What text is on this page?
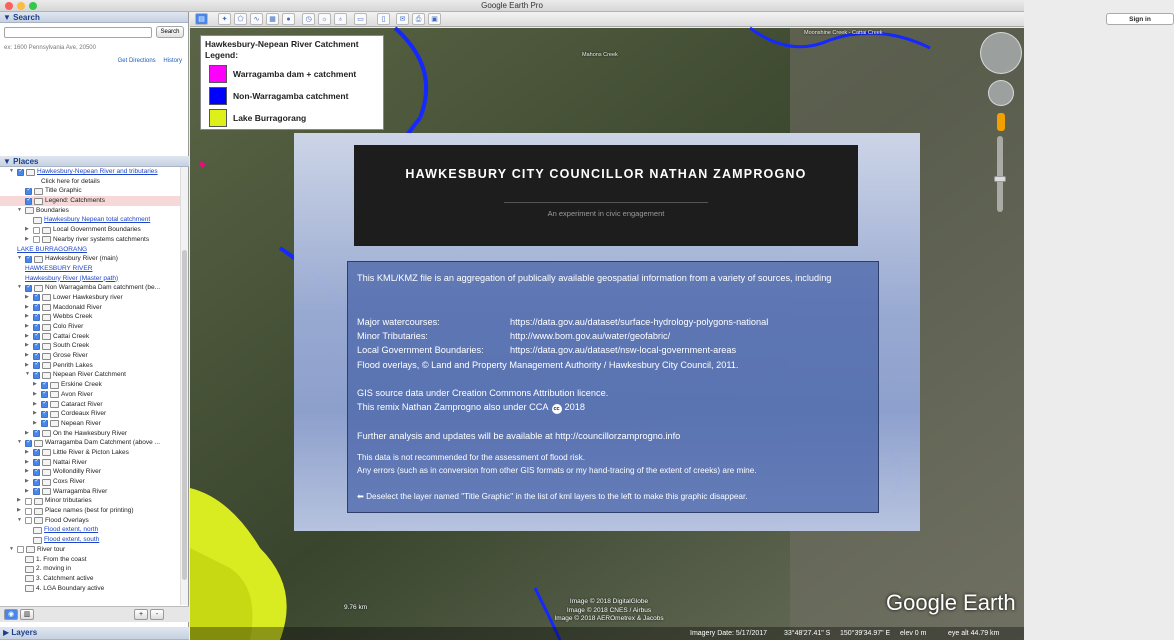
Google Earth Pro
▼ Search
Search
ex: 1600 Pennsylvania Ave, 20500
Get Directions History
▼ Places
▼ ✓	Hawkesbury-Nepean River and tributaries
Click here for details
✓
Title Graphic
✓
Legend: Catchments
▼ Boundaries
Hawkesbury Nepean total catchment
▶	Local Government Boundaries
▶	Nearby river systems catchments
LAKE BURRAGORANG
▼ ✓	Hawkesbury River (main)
HAWKESBURY RIVER
Hawkesbury River (Master path)
▼ ✓	Non Warragamba Dam catchment (be...
▶ ✓	Lower Hawkesbury river
▶ ✓	Macdonald River
▶ ✓	Webbs Creek
▶ ✓	Colo River
▶ ✓	Cattai Creek
▶ ✓	South Creek
▶ ✓	Grose River
▶ ✓	Penrith Lakes
▼ ✓	Nepean River Catchment
▶ ✓	Erskine Creek
▶ ✓	Avon River
▶ ✓	Cataract River
▶ ✓	Cordeaux River
▶ ✓	Nepean River
▶ ✓	On the Hawkesbury River
▼ ✓	Warragamba Dam Catchment (above ...
▶ ✓	Little River & Picton Lakes
▶ ✓	Nattai River
▶ ✓	Wollondilly River
▶ ✓	Coxs River
▶ ✓	Warragamba River
▶	Minor tributaries
▶	Place names (best for printing)
▼	Flood Overlays
Flood extent, north
Flood extent, south
▼	River tour
1. From the coast
2. moving in
3. Catchment active
4. LGA Boundary active
◉	▥	+	-
▶ Layers
▤	✦	⬠	∿	▦	●	◷	☼	♁	▭	▯	✉	⎙	▣	Sign in
Mahons Creek
Moonshine Creek - Cattai Creek
Hawkesbury-Nepean River Catchment
Legend:
Warragamba dam + catchment
Non-Warragamba catchment
Lake Burragorang
HAWKESBURY CITY COUNCILLOR NATHAN ZAMPROGNO
An experiment in civic engagement
This KML/KMZ file is an aggregation of publically available geospatial information from a variety of sources, including
Major watercourses:	https://data.gov.au/dataset/surface-hydrology-polygons-national
Minor Tributaries:	http://www.bom.gov.au/water/geofabric/
Local Government Boundaries:	https://data.gov.au/dataset/nsw-local-government-areas
Flood overlays, © Land and Property Management Authority / Hawkesbury City Council, 2011.
GIS source data under Creation Commons Attribution licence.
This remix Nathan Zamprogno also under CCA cc 2018
Further analysis and updates will be available at http://councillorzamprogno.info
This data is not recommended for the assessment of flood risk.
Any errors (such as in conversion from other GIS formats or my hand-tracing of the extent of creeks) are mine.
⬅ Deselect the layer named "Title Graphic" in the list of kml layers to the left to make this graphic disappear.
Image © 2018 DigitalGlobe
Image © 2018 CNES / Airbus
Image © 2018 AEROmetrex & Jacobs
9.76 km	Google Earth
Imagery Date: 5/17/2017 33°48'27.41" S 150°39'34.97" E elev 0 m	eye alt 44.79 km
